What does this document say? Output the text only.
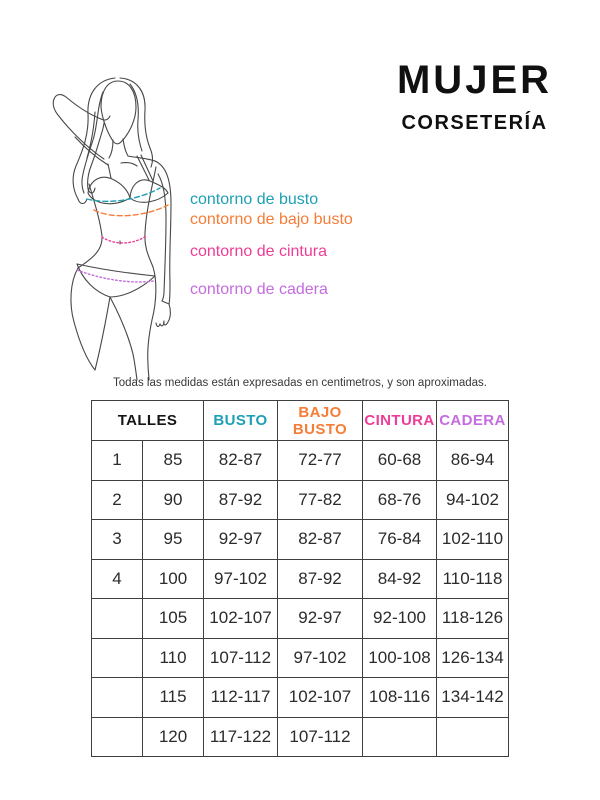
MUJER
CORSETERÍA
contorno de busto
contorno de bajo busto
contorno de cintura
contorno de cadera
Todas las medidas están expresadas en centimetros, y son aproximadas.
TALLES		BUSTO	BAJO BUSTO	CINTURA	CADERA
1	85	82-87	72-77	60-68	86-94
2	90	87-92	77-82	68-76	94-102
3	95	92-97	82-87	76-84	102-110
4	100	97-102	87-92	84-92	110-118
	105	102-107	92-97	92-100	118-126
	110	107-112	97-102	100-108	126-134
	115	112-117	102-107	108-116	134-142
	120	117-122	107-112		
